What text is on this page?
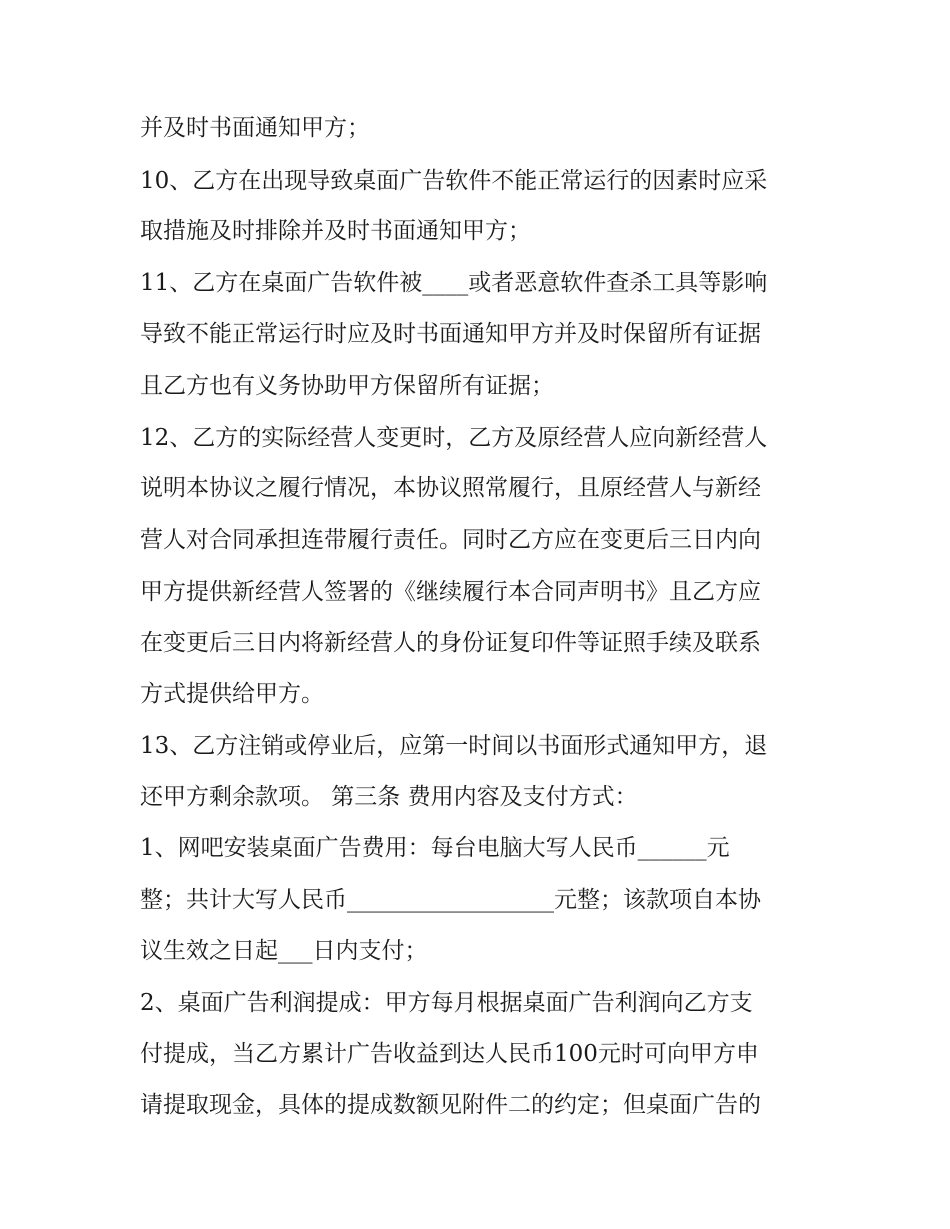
并及时书面通知甲方；
10、乙方在出现导致桌面广告软件不能正常运行的因素时应采
取措施及时排除并及时书面通知甲方；
11、乙方在桌面广告软件被____或者恶意软件查杀工具等影响
导致不能正常运行时应及时书面通知甲方并及时保留所有证据
且乙方也有义务协助甲方保留所有证据；
12、乙方的实际经营人变更时，乙方及原经营人应向新经营人
说明本协议之履行情况，本协议照常履行，且原经营人与新经
营人对合同承担连带履行责任。同时乙方应在变更后三日内向
甲方提供新经营人签署的《继续履行本合同声明书》且乙方应
在变更后三日内将新经营人的身份证复印件等证照手续及联系
方式提供给甲方。
13、乙方注销或停业后，应第一时间以书面形式通知甲方，退
还甲方剩余款项。 第三条 费用内容及支付方式：
1、网吧安装桌面广告费用：每台电脑大写人民币______元
整；共计大写人民币__________________元整；该款项自本协
议生效之日起___日内支付；
2、桌面广告利润提成：甲方每月根据桌面广告利润向乙方支
付提成，当乙方累计广告收益到达人民币100元时可向甲方申
请提取现金，具体的提成数额见附件二的约定；但桌面广告的
